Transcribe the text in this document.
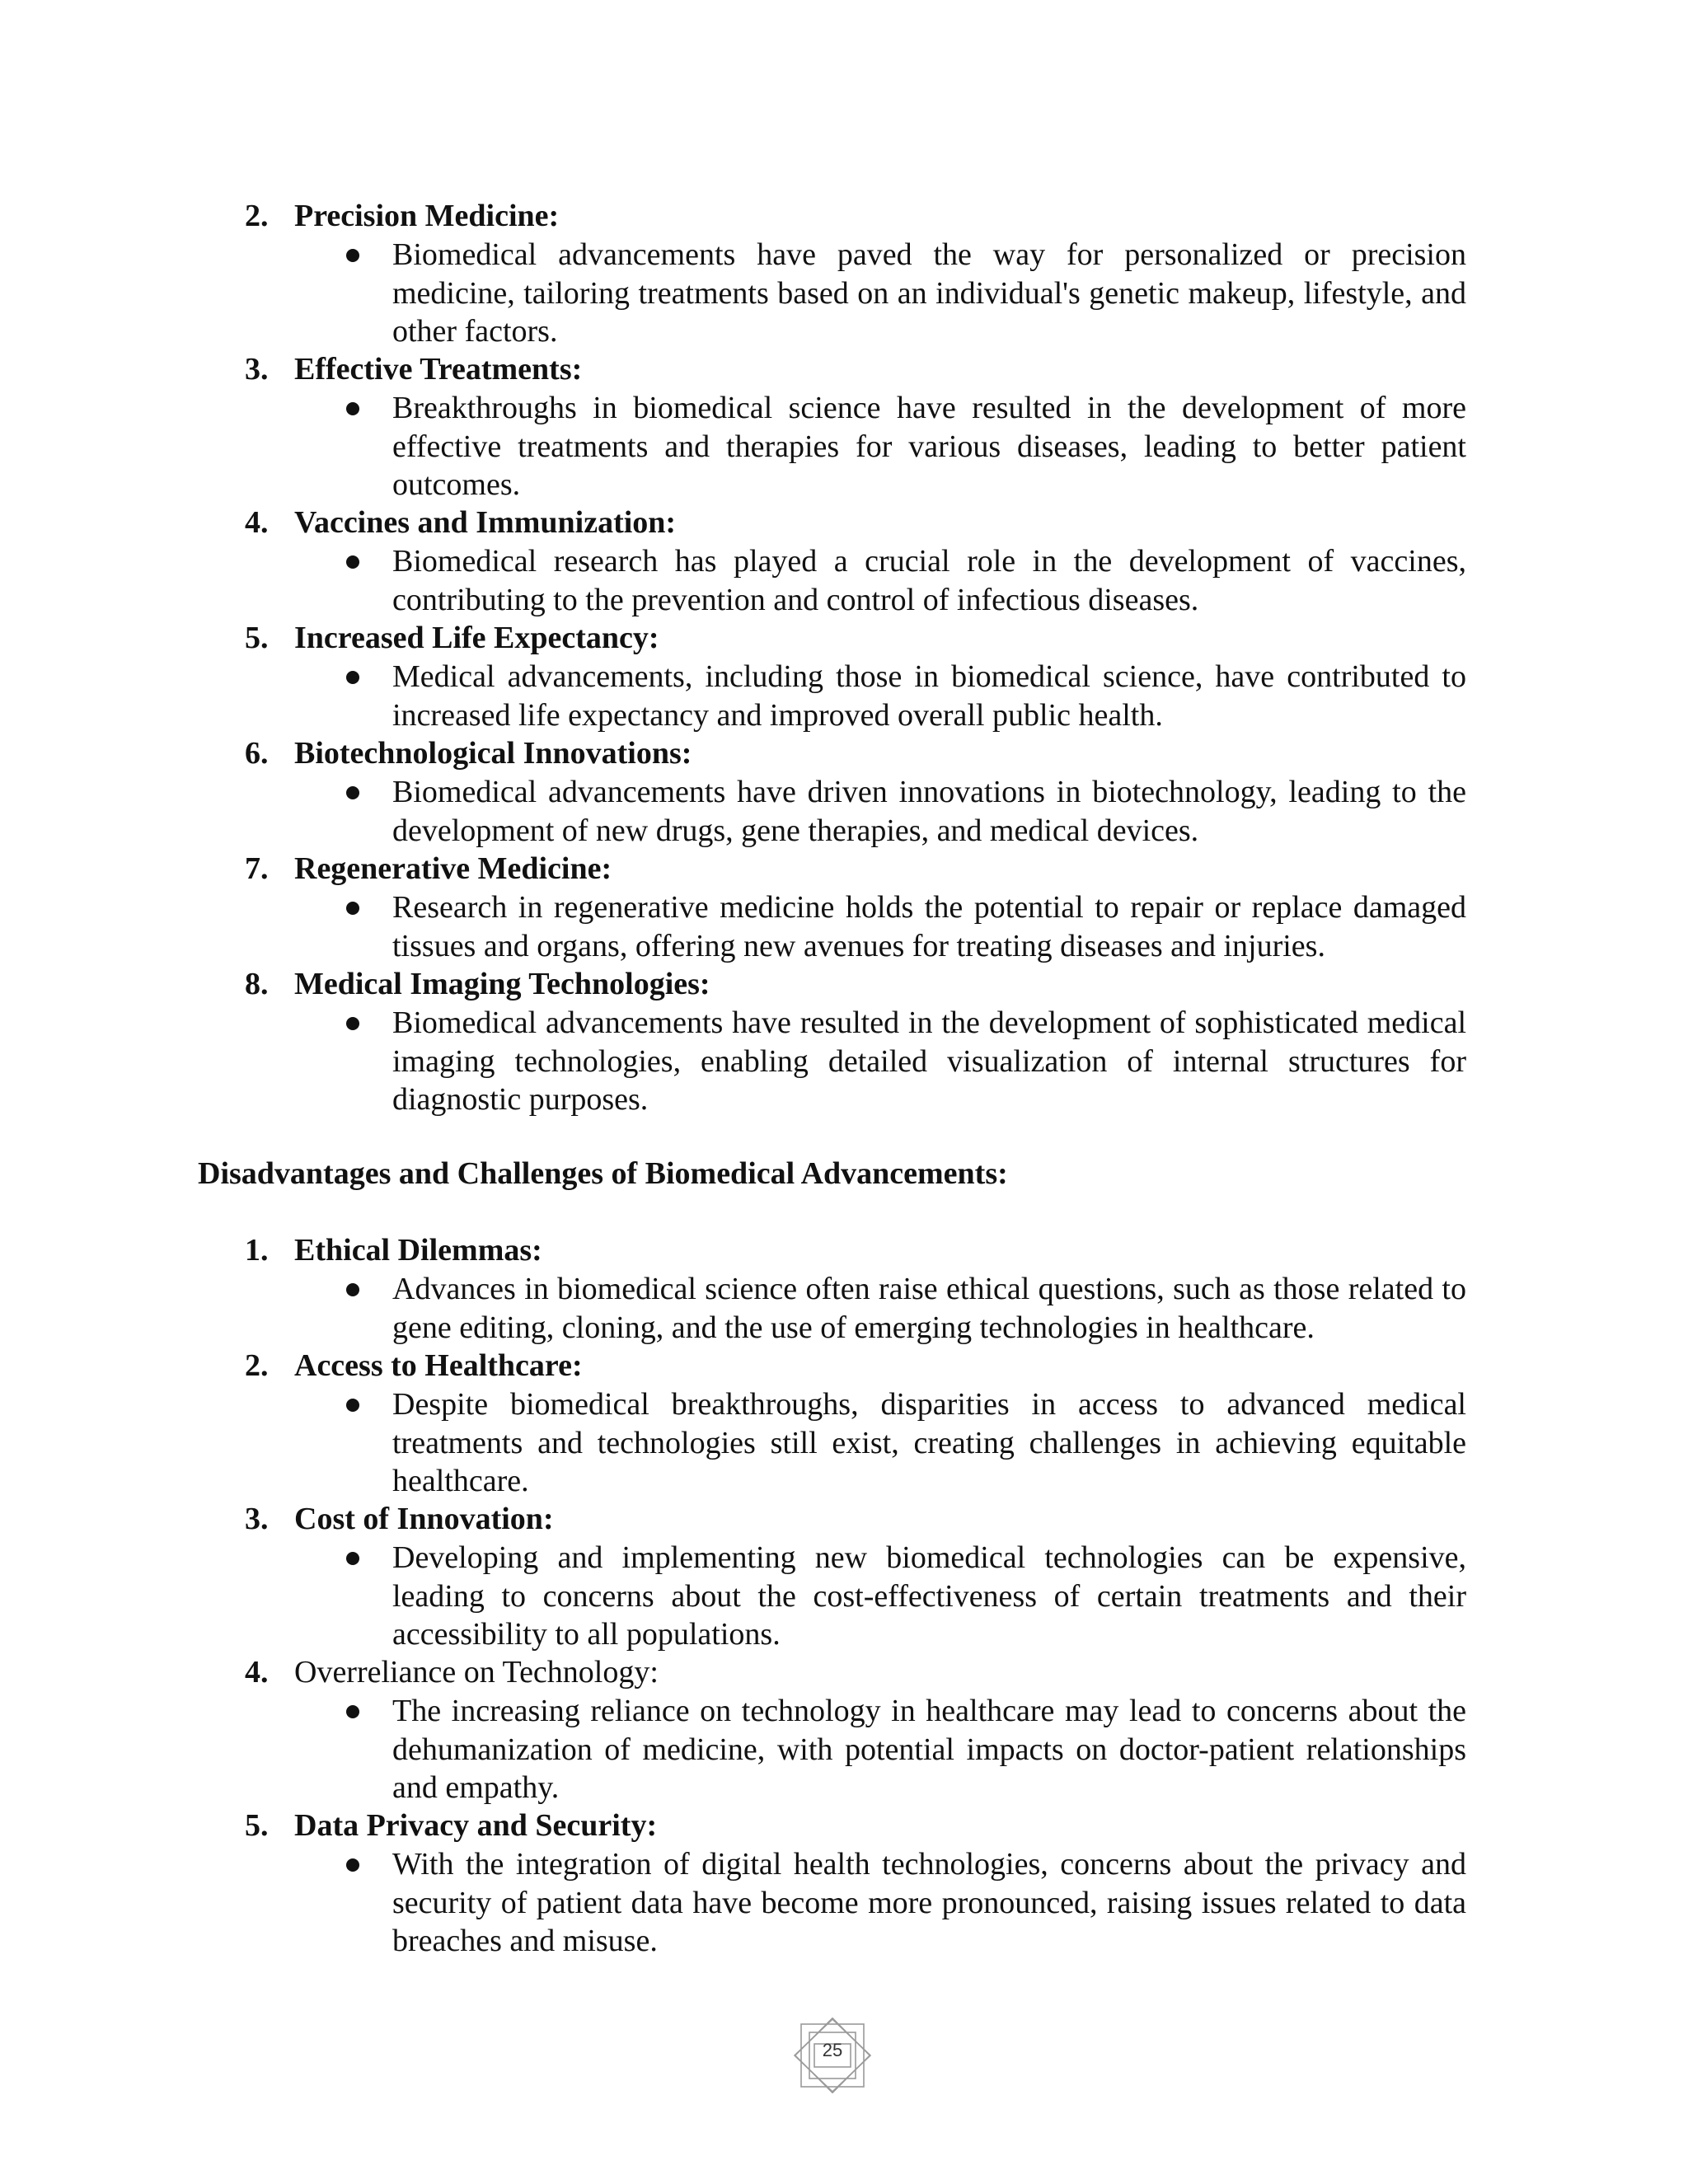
2. Precision Medicine:
Biomedical advancements have paved the way for personalized or precision medicine, tailoring treatments based on an individual's genetic makeup, lifestyle, and other factors.
3. Effective Treatments:
Breakthroughs in biomedical science have resulted in the development of more effective treatments and therapies for various diseases, leading to better patient outcomes.
4. Vaccines and Immunization:
Biomedical research has played a crucial role in the development of vaccines, contributing to the prevention and control of infectious diseases.
5. Increased Life Expectancy:
Medical advancements, including those in biomedical science, have contributed to increased life expectancy and improved overall public health.
6. Biotechnological Innovations:
Biomedical advancements have driven innovations in biotechnology, leading to the development of new drugs, gene therapies, and medical devices.
7. Regenerative Medicine:
Research in regenerative medicine holds the potential to repair or replace damaged tissues and organs, offering new avenues for treating diseases and injuries.
8. Medical Imaging Technologies:
Biomedical advancements have resulted in the development of sophisticated medical imaging technologies, enabling detailed visualization of internal structures for diagnostic purposes.
Disadvantages and Challenges of Biomedical Advancements:
1. Ethical Dilemmas:
Advances in biomedical science often raise ethical questions, such as those related to gene editing, cloning, and the use of emerging technologies in healthcare.
2. Access to Healthcare:
Despite biomedical breakthroughs, disparities in access to advanced medical treatments and technologies still exist, creating challenges in achieving equitable healthcare.
3. Cost of Innovation:
Developing and implementing new biomedical technologies can be expensive, leading to concerns about the cost-effectiveness of certain treatments and their accessibility to all populations.
4. Overreliance on Technology:
The increasing reliance on technology in healthcare may lead to concerns about the dehumanization of medicine, with potential impacts on doctor-patient relationships and empathy.
5. Data Privacy and Security:
With the integration of digital health technologies, concerns about the privacy and security of patient data have become more pronounced, raising issues related to data breaches and misuse.
25
